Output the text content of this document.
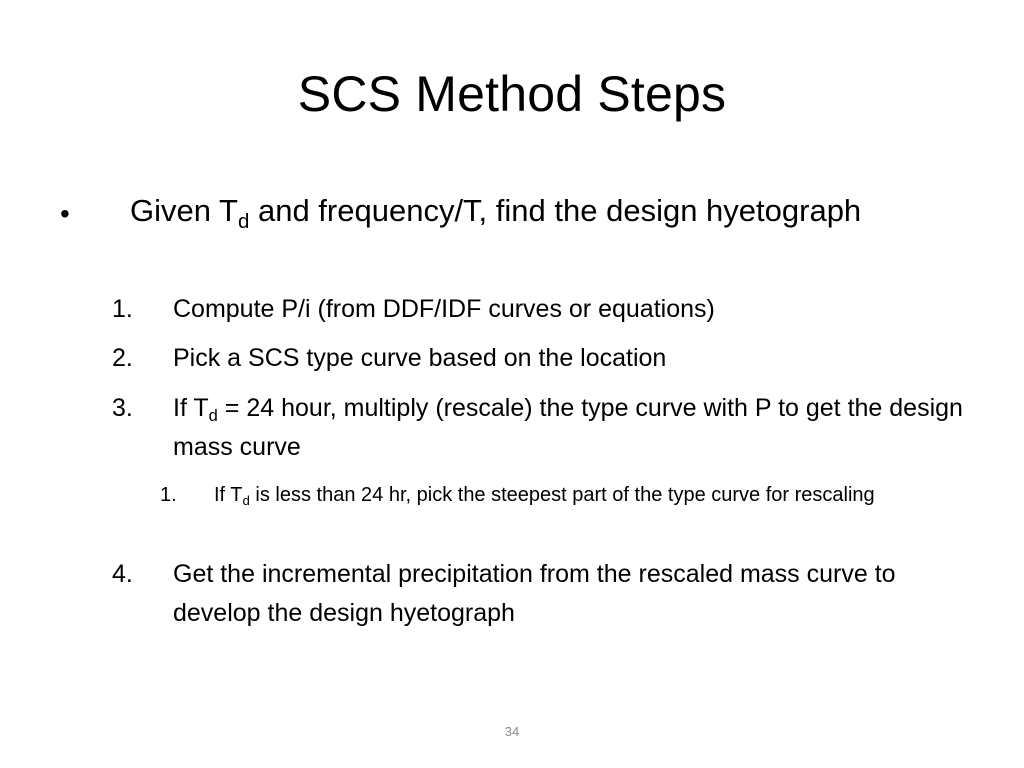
SCS Method Steps
• Given $T_d$ and frequency/T, find the design hyetograph
1. Compute P/i (from DDF/IDF curves or equations)
2. Pick a SCS type curve based on the location
3. If $T_d = 24$ hour, multiply (rescale) the type curve with P to get the design mass curve
1. If $T_d$ is less than 24 hr, pick the steepest part of the type curve for rescaling
4. Get the incremental precipitation from the rescaled mass curve to develop the design hyetograph
34
